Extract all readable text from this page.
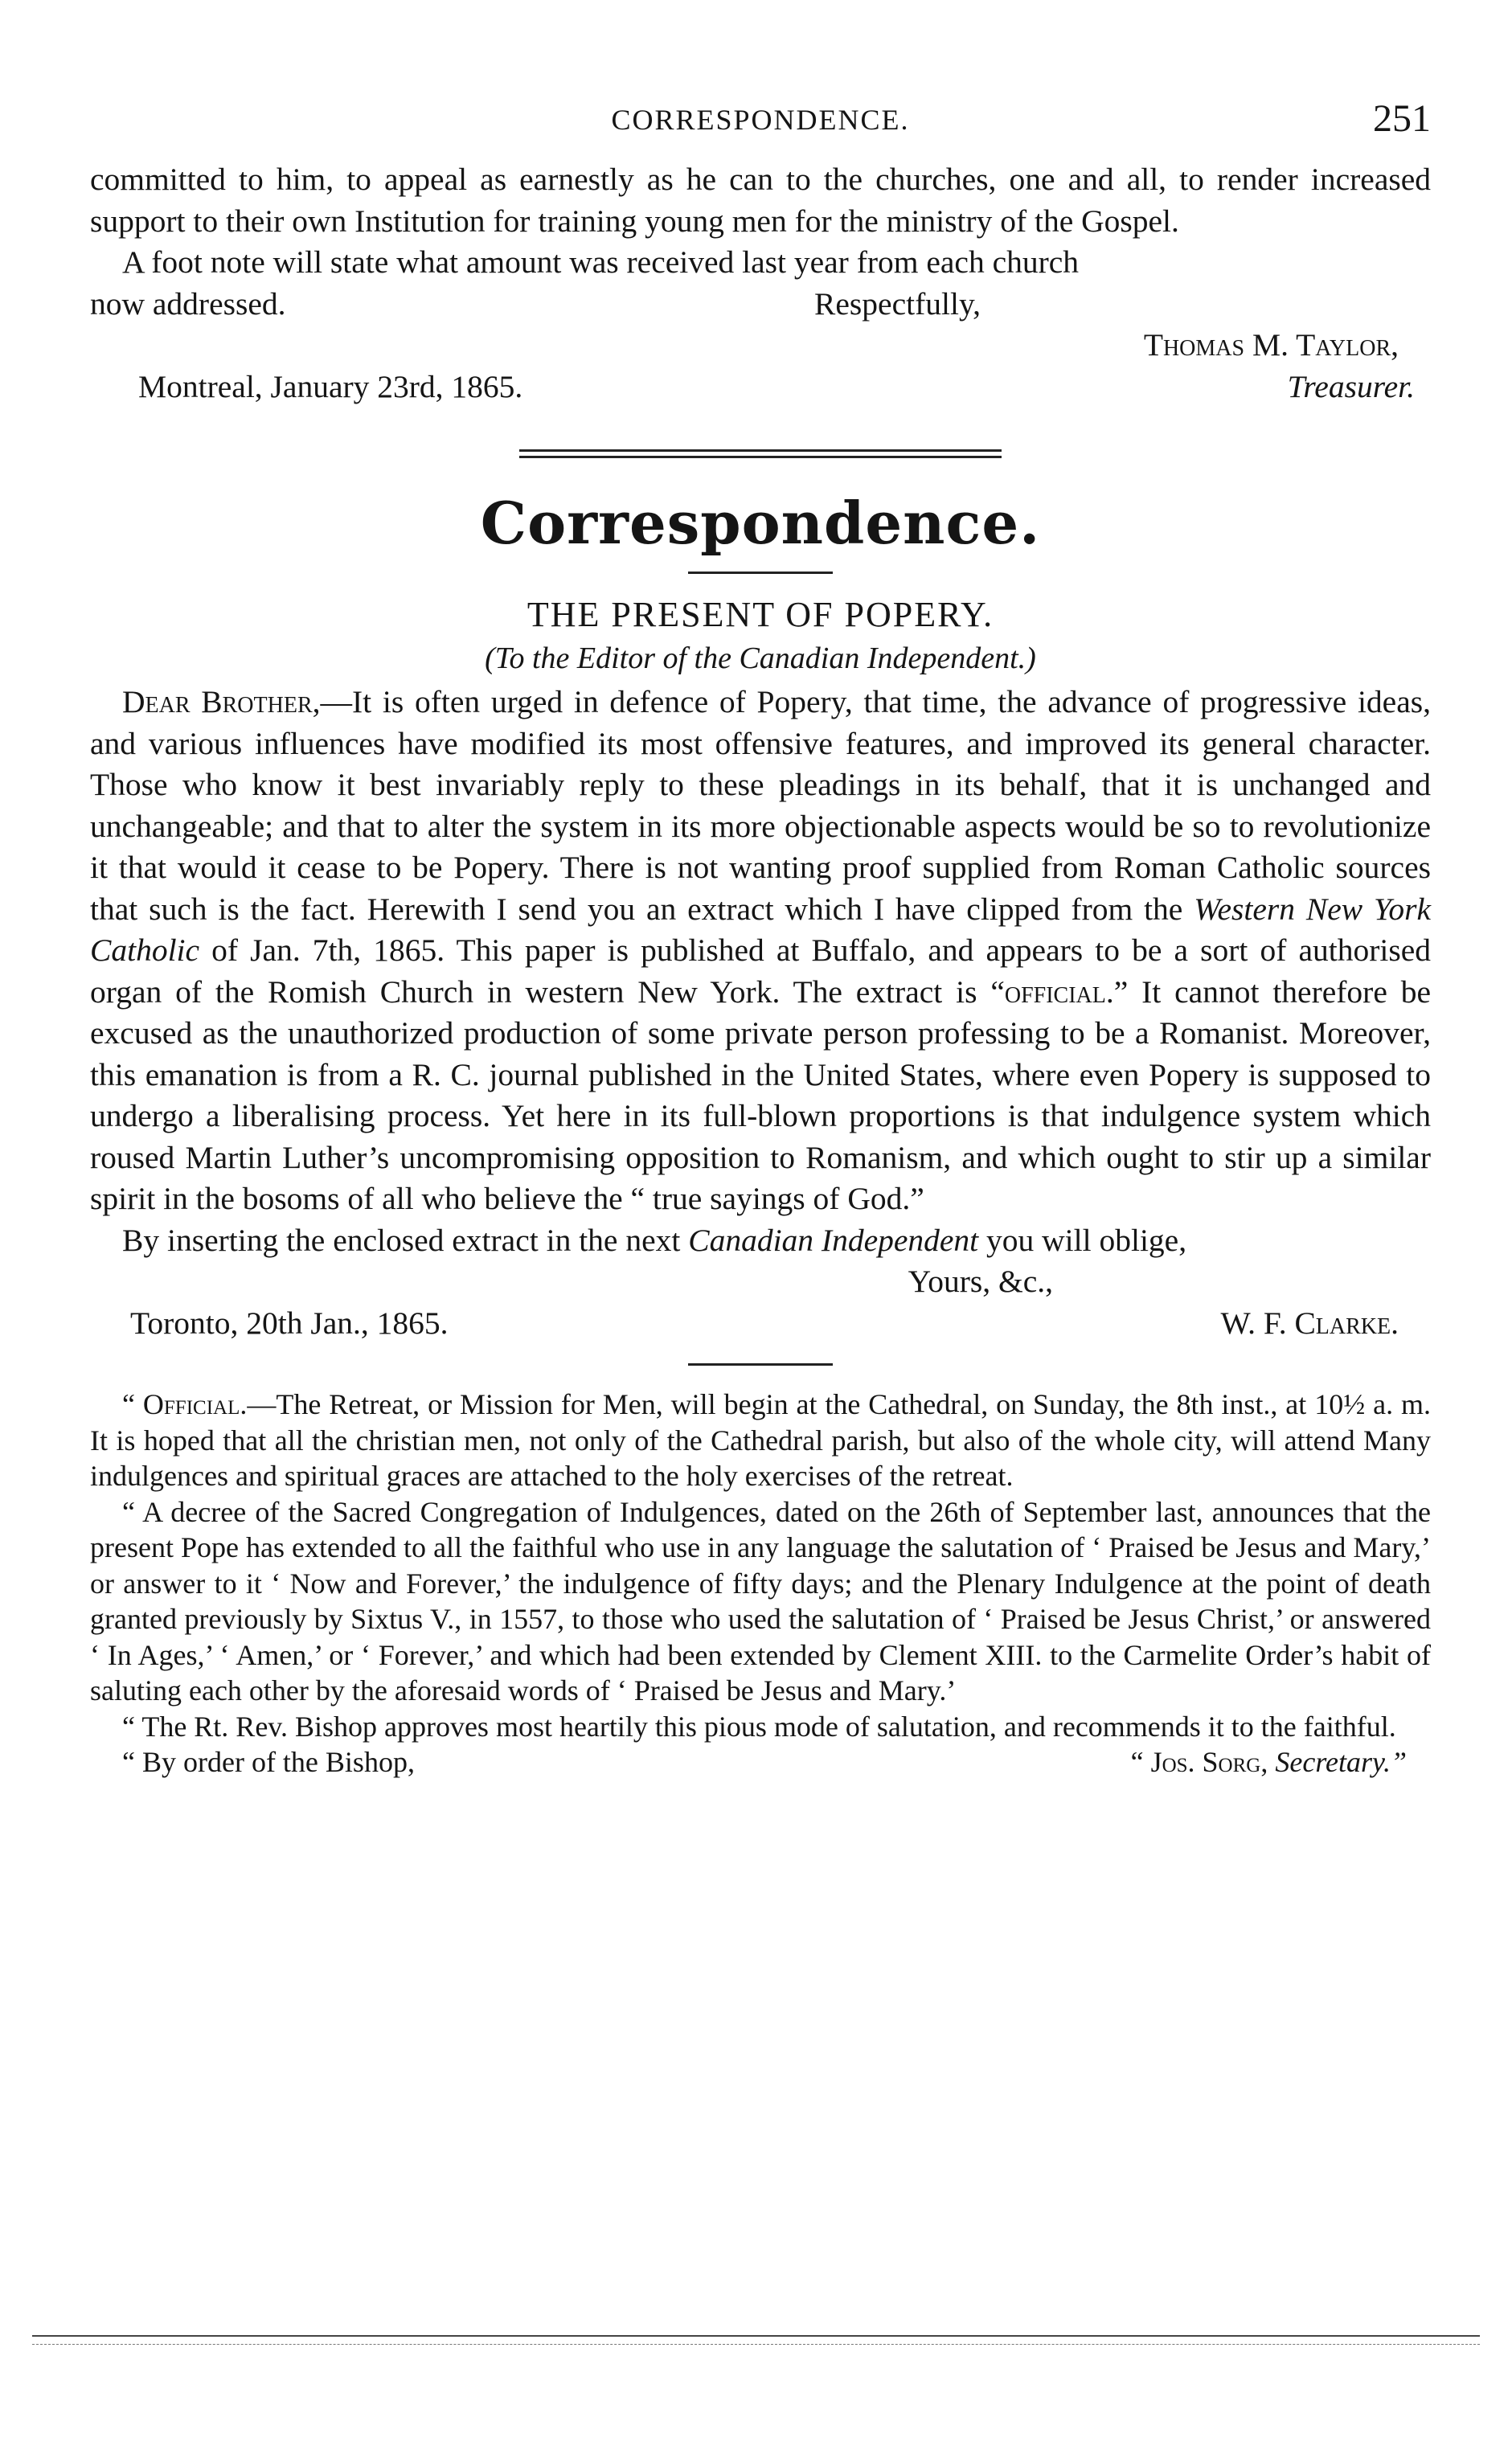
CORRESPONDENCE.	251

committed to him, to appeal as earnestly as he can to the churches, one and all, to render increased support to their own Institution for training young men for the ministry of the Gospel.

A foot note will state what amount was received last year from each church

now addressed.	Respectfully,
Thomas M. Taylor,
Montreal, January 23rd, 1865.	Treasurer.
Correspondence.
THE PRESENT OF POPERY.
(To the Editor of the Canadian Independent.)

Dear Brother,—It is often urged in defence of Popery, that time, the advance of progressive ideas, and various influences have modified its most offensive features, and improved its general character. Those who know it best invariably reply to these pleadings in its behalf, that it is unchanged and unchangeable; and that to alter the system in its more objectionable aspects would be so to revolutionize it that would it cease to be Popery. There is not wanting proof supplied from Roman Catholic sources that such is the fact. Herewith I send you an extract which I have clipped from the Western New York Catholic of Jan. 7th, 1865. This paper is published at Buffalo, and appears to be a sort of authorised organ of the Romish Church in western New York. The extract is “official.” It cannot therefore be excused as the unauthorized production of some private person professing to be a Romanist. Moreover, this emanation is from a R. C. journal published in the United States, where even Popery is supposed to undergo a liberalising process. Yet here in its full-blown proportions is that indulgence system which roused Martin Luther’s uncompromising opposition to Romanism, and which ought to stir up a similar spirit in the bosoms of all who believe the “ true sayings of God.”

By inserting the enclosed extract in the next Canadian Independent you will oblige,

Yours, &c.,
Toronto, 20th Jan., 1865.	W. F. Clarke.

“ Official.—The Retreat, or Mission for Men, will begin at the Cathedral, on Sunday, the 8th inst., at 10½ a. m. It is hoped that all the christian men, not only of the Cathedral parish, but also of the whole city, will attend Many indulgences and spiritual graces are attached to the holy exercises of the retreat.

“ A decree of the Sacred Congregation of Indulgences, dated on the 26th of September last, announces that the present Pope has extended to all the faithful who use in any language the salutation of ‘ Praised be Jesus and Mary,’ or answer to it ‘ Now and Forever,’ the indulgence of fifty days; and the Plenary Indulgence at the point of death granted previously by Sixtus V., in 1557, to those who used the salutation of ‘ Praised be Jesus Christ,’ or answered ‘ In Ages,’ ‘ Amen,’ or ‘ Forever,’ and which had been extended by Clement XIII. to the Carmelite Order’s habit of saluting each other by the aforesaid words of ‘ Praised be Jesus and Mary.’

“ The Rt. Rev. Bishop approves most heartily this pious mode of salutation, and recommends it to the faithful.

“ By order of the Bishop,	“ Jos. Sorg, Secretary.”
